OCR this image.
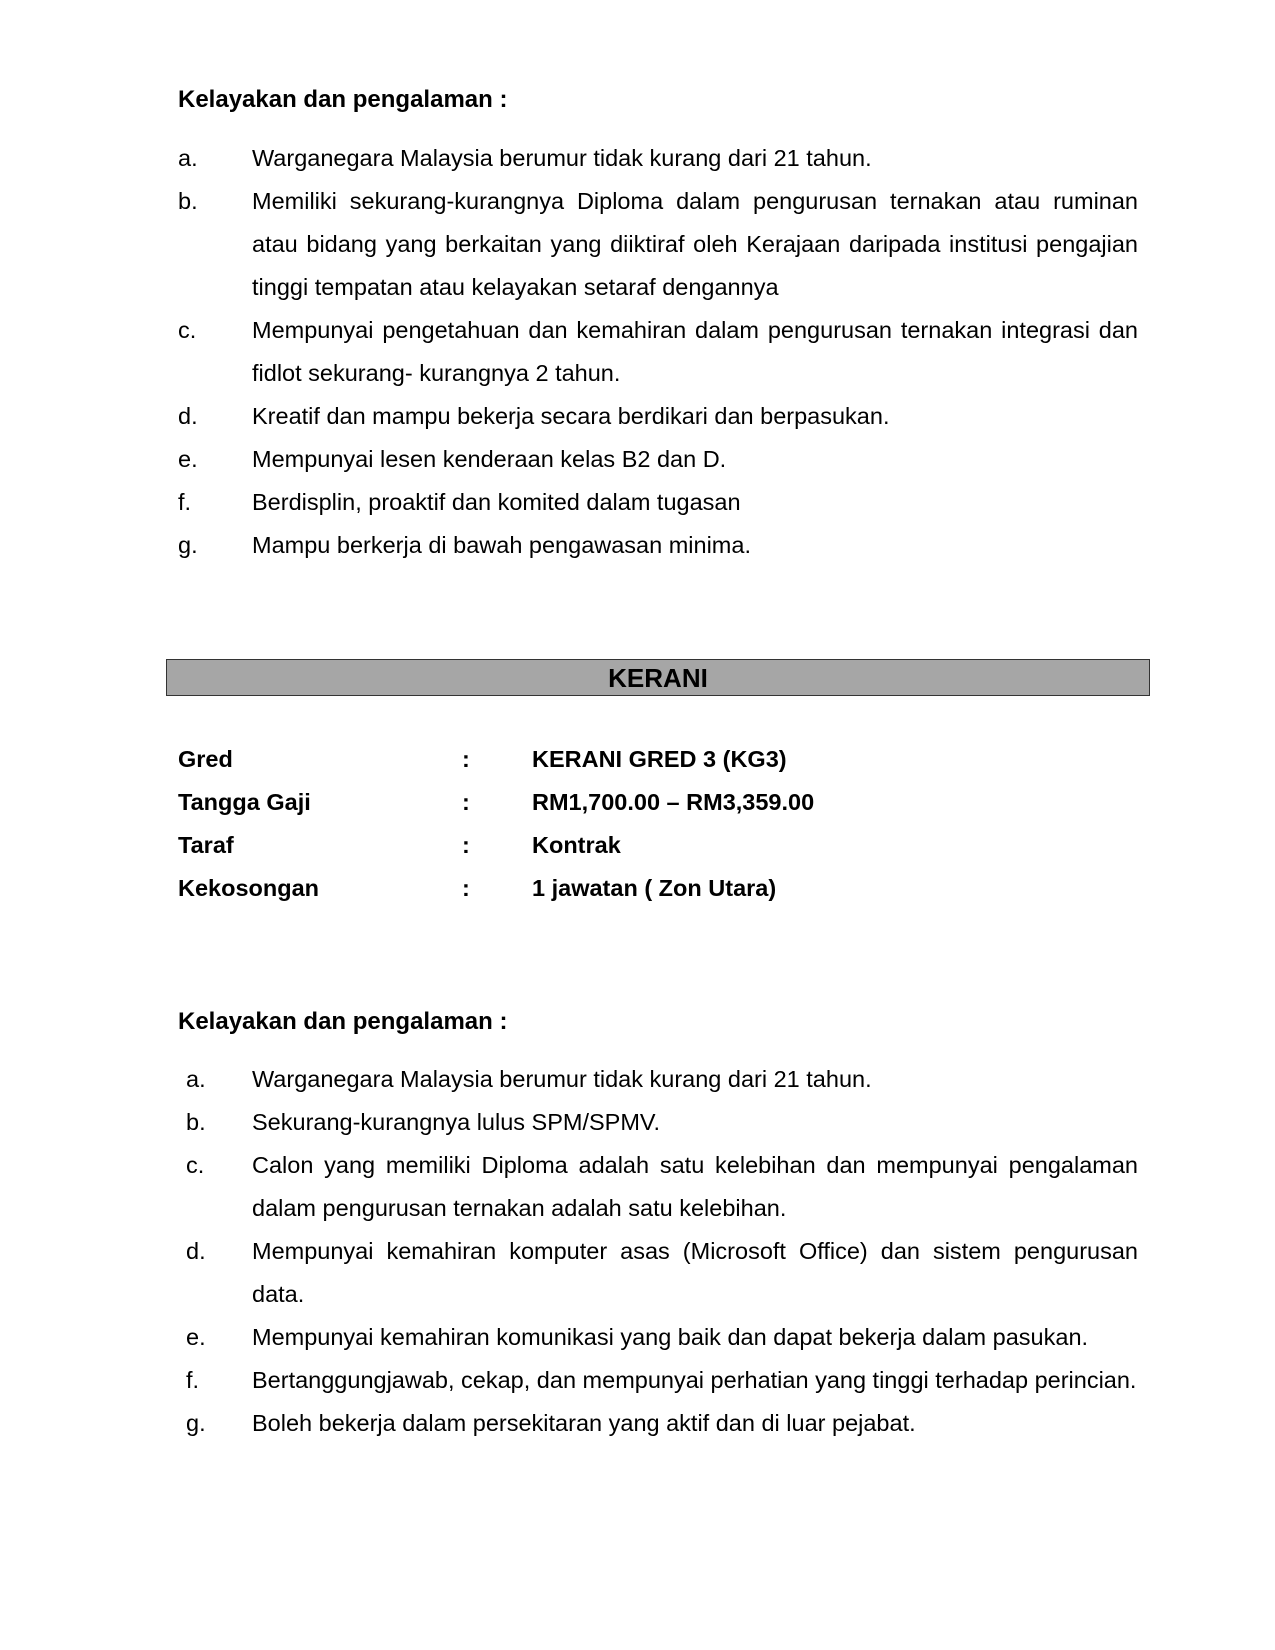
Kelayakan dan pengalaman :
a. Warganegara Malaysia berumur tidak kurang dari 21 tahun.
b. Memiliki sekurang-kurangnya Diploma dalam pengurusan ternakan atau ruminan atau bidang yang berkaitan yang diiktiraf oleh Kerajaan daripada institusi pengajian tinggi tempatan atau kelayakan setaraf dengannya
c. Mempunyai pengetahuan dan kemahiran dalam pengurusan ternakan integrasi dan fidlot sekurang- kurangnya 2 tahun.
d. Kreatif dan mampu bekerja secara berdikari dan berpasukan.
e. Mempunyai lesen kenderaan kelas B2 dan D.
f.	Berdisplin, proaktif dan komited dalam tugasan
g. Mampu berkerja di bawah pengawasan minima.
KERANI
Gred	:	KERANI GRED 3 (KG3)
Tangga Gaji	:	RM1,700.00 – RM3,359.00
Taraf	:	Kontrak
Kekosongan	:	1 jawatan ( Zon Utara)
Kelayakan dan pengalaman :
a. Warganegara Malaysia berumur tidak kurang dari 21 tahun.
b. Sekurang-kurangnya lulus SPM/SPMV.
c. Calon yang memiliki Diploma adalah satu kelebihan dan mempunyai pengalaman dalam pengurusan ternakan adalah satu kelebihan.
d. Mempunyai kemahiran komputer asas (Microsoft Office) dan sistem pengurusan data.
e. Mempunyai kemahiran komunikasi yang baik dan dapat bekerja dalam pasukan.
f. Bertanggungjawab, cekap, dan mempunyai perhatian yang tinggi terhadap perincian.
g. Boleh bekerja dalam persekitaran yang aktif dan di luar pejabat.
